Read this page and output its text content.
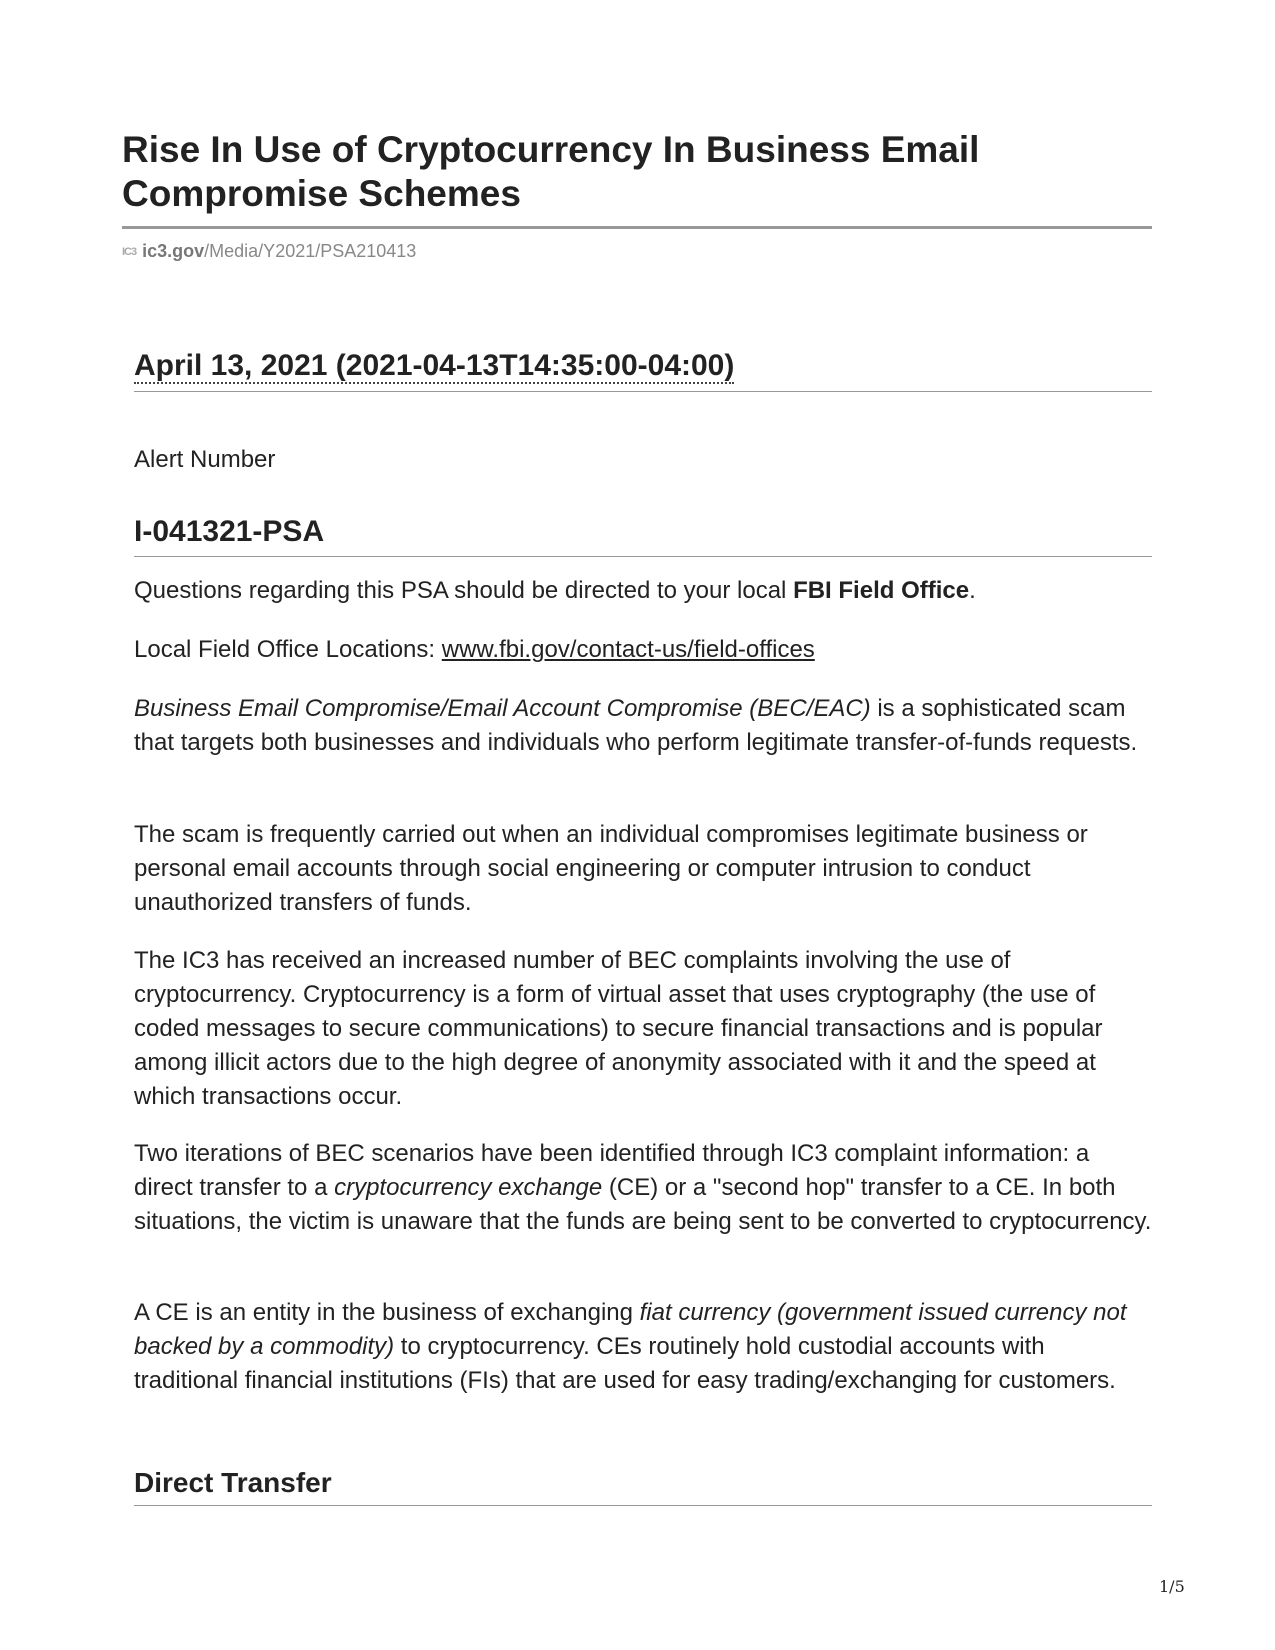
Rise In Use of Cryptocurrency In Business Email Compromise Schemes
IC3 ic3.gov /Media/Y2021/PSA210413
April 13, 2021 (2021-04-13T14:35:00-04:00)
Alert Number
I-041321-PSA

Questions regarding this PSA should be directed to your local FBI Field Office.

Local Field Office Locations: www.fbi.gov/contact-us/field-offices

Business Email Compromise/Email Account Compromise (BEC/EAC) is a sophisticated scam that targets both businesses and individuals who perform legitimate transfer-of-funds requests.

The scam is frequently carried out when an individual compromises legitimate business or personal email accounts through social engineering or computer intrusion to conduct unauthorized transfers of funds.

The IC3 has received an increased number of BEC complaints involving the use of cryptocurrency. Cryptocurrency is a form of virtual asset that uses cryptography (the use of coded messages to secure communications) to secure financial transactions and is popular among illicit actors due to the high degree of anonymity associated with it and the speed at which transactions occur.

Two iterations of BEC scenarios have been identified through IC3 complaint information: a direct transfer to a cryptocurrency exchange (CE) or a "second hop" transfer to a CE. In both situations, the victim is unaware that the funds are being sent to be converted to cryptocurrency.

A CE is an entity in the business of exchanging fiat currency (government issued currency not backed by a commodity) to cryptocurrency. CEs routinely hold custodial accounts with traditional financial institutions (FIs) that are used for easy trading/exchanging for customers.

Direct Transfer
1/5
